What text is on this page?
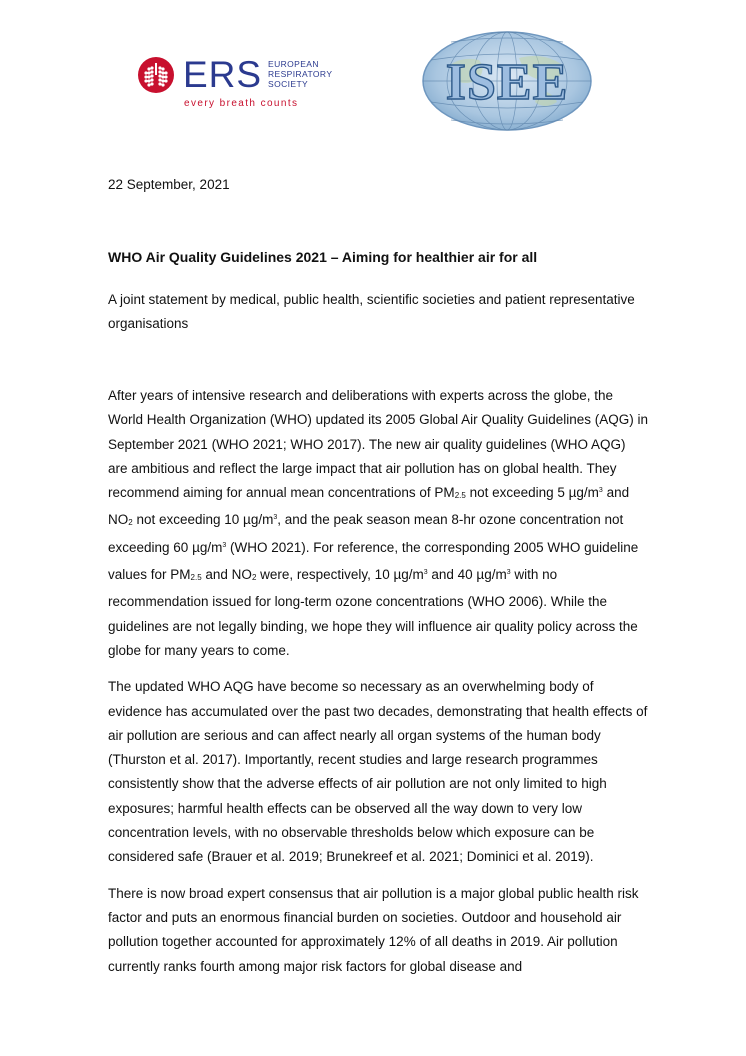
ERS EUROPEAN
RESPIRATORY
SOCIETY
every breath counts	ISEE
22 September, 2021
WHO Air Quality Guidelines 2021 – Aiming for healthier air for all

A joint statement by medical, public health, scientific societies and patient representative organisations

After years of intensive research and deliberations with experts across the globe, the World Health Organization (WHO) updated its 2005 Global Air Quality Guidelines (AQG) in September 2021 (WHO 2021; WHO 2017). The new air quality guidelines (WHO AQG) are ambitious and reflect the large impact that air pollution has on global health. They recommend aiming for annual mean concentrations of $PM_{2.5}$ not exceeding 5 $\mu g/m^3$ and $NO_2$ not exceeding 10 $\mu g/m^3$, and the peak season mean 8-hr ozone concentration not exceeding 60 $\mu g/m^3$ (WHO 2021). For reference, the corresponding 2005 WHO guideline values for $PM_{2.5}$ and $NO_2$ were, respectively, 10 $\mu g/m^3$ and 40 $\mu g/m^3$ with no recommendation issued for long-term ozone concentrations (WHO 2006). While the guidelines are not legally binding, we hope they will influence air quality policy across the globe for many years to come.

The updated WHO AQG have become so necessary as an overwhelming body of evidence has accumulated over the past two decades, demonstrating that health effects of air pollution are serious and can affect nearly all organ systems of the human body (Thurston et al. 2017). Importantly, recent studies and large research programmes consistently show that the adverse effects of air pollution are not only limited to high exposures; harmful health effects can be observed all the way down to very low concentration levels, with no observable thresholds below which exposure can be considered safe (Brauer et al. 2019; Brunekreef et al. 2021; Dominici et al. 2019).

There is now broad expert consensus that air pollution is a major global public health risk factor and puts an enormous financial burden on societies. Outdoor and household air pollution together accounted for approximately 12% of all deaths in 2019. Air pollution currently ranks fourth among major risk factors for global disease and
